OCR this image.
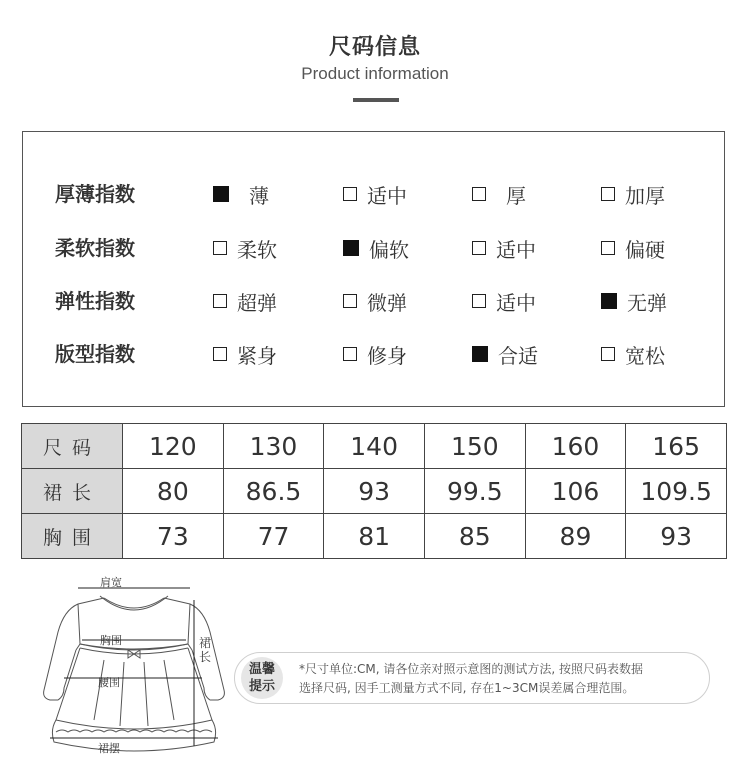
尺码信息
Product information
厚薄指数	薄	适中	厚	加厚
柔软指数	柔软	偏软	适中	偏硬
弹性指数	超弹	微弹	适中	无弹
版型指数	紧身	修身	合适	宽松
尺码	120	130	140	150	160	165
裙长	80	86.5	93	99.5	106	109.5
胸围	73	77	81	85	89	93
肩宽
胸围
腰围
裙摆
裙长
温馨
提示
*尺寸单位:CM, 请各位亲对照示意图的测试方法, 按照尺码表数据
选择尺码, 因手工测量方式不同, 存在1~3CM误差属合理范围。
